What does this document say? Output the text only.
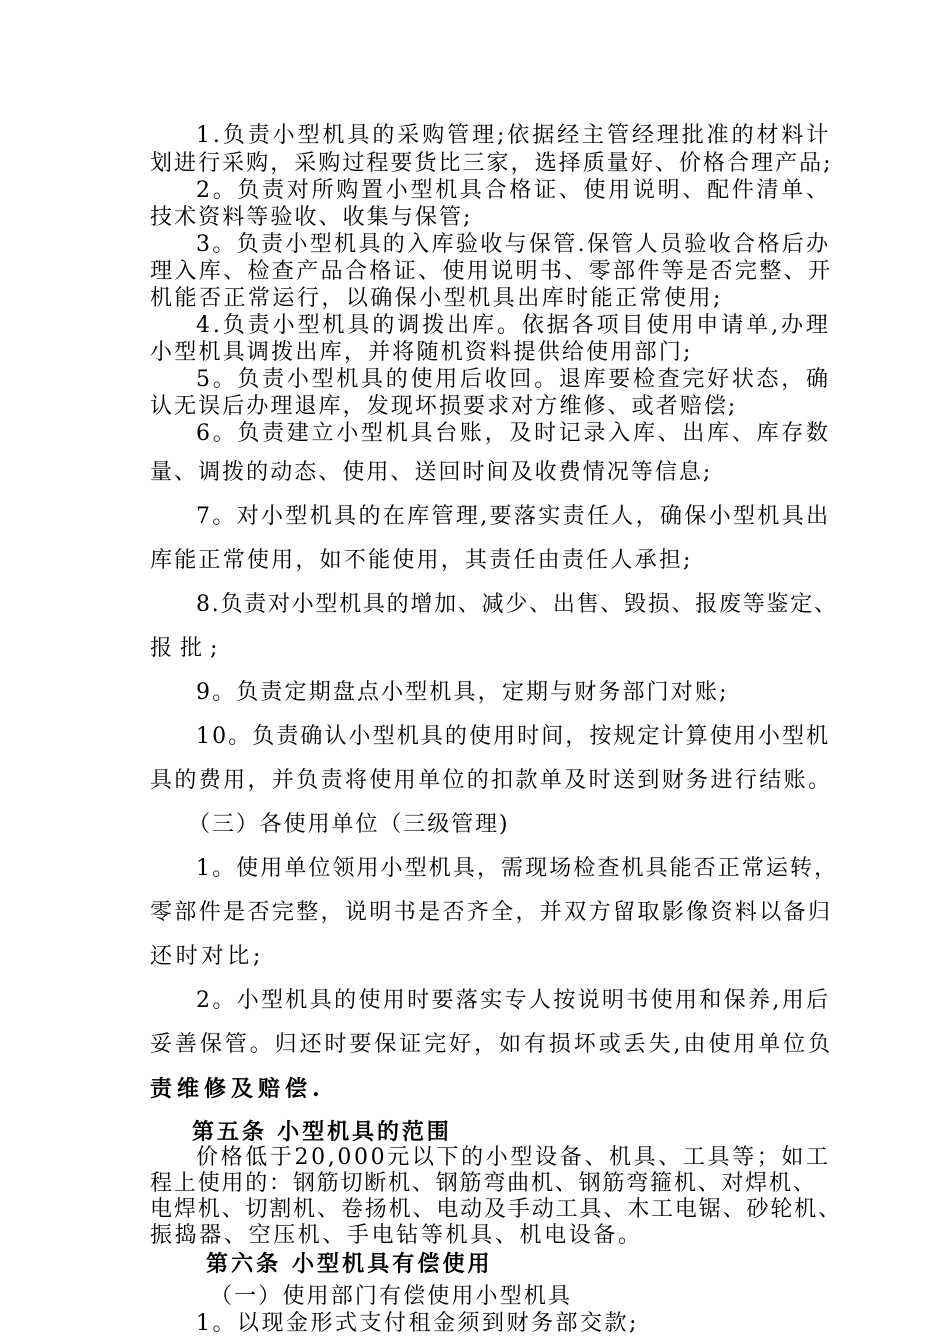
1.负责小型机具的采购管理;依据经主管经理批准的材料计

划进行采购，采购过程要货比三家，选择质量好、价格合理产品;

2。负责对所购置小型机具合格证、使用说明、配件清单、

技术资料等验收、收集与保管;

3。负责小型机具的入库验收与保管.保管人员验收合格后办

理入库、检查产品合格证、使用说明书、零部件等是否完整、开

机能否正常运行，以确保小型机具出库时能正常使用;

4.负责小型机具的调拨出库。依据各项目使用申请单,办理

小型机具调拨出库，并将随机资料提供给使用部门;

5。负责小型机具的使用后收回。退库要检查完好状态，确

认无误后办理退库，发现坏损要求对方维修、或者赔偿;

6。负责建立小型机具台账，及时记录入库、出库、库存数

量、调拨的动态、使用、送回时间及收费情况等信息;

7。对小型机具的在库管理,要落实责任人，确保小型机具出

库能正常使用，如不能使用，其责任由责任人承担;

8.负责对小型机具的增加、减少、出售、毁损、报废等鉴定、

报批;

9。负责定期盘点小型机具，定期与财务部门对账;

10。负责确认小型机具的使用时间，按规定计算使用小型机

具的费用，并负责将使用单位的扣款单及时送到财务进行结账。

（三）各使用单位（三级管理)

1。使用单位领用小型机具，需现场检查机具能否正常运转，

零部件是否完整，说明书是否齐全，并双方留取影像资料以备归

还时对比;

2。小型机具的使用时要落实专人按说明书使用和保养,用后

妥善保管。归还时要保证完好，如有损坏或丢失,由使用单位负

责维修及赔偿.

第五条 小型机具的范围

价格低于20,000元以下的小型设备、机具、工具等；如工

程上使用的：钢筋切断机、钢筋弯曲机、钢筋弯箍机、对焊机、

电焊机、切割机、卷扬机、电动及手动工具、木工电锯、砂轮机、

振捣器、空压机、手电钻等机具、机电设备。

第六条 小型机具有偿使用

（一）使用部门有偿使用小型机具

1。以现金形式支付租金须到财务部交款;
